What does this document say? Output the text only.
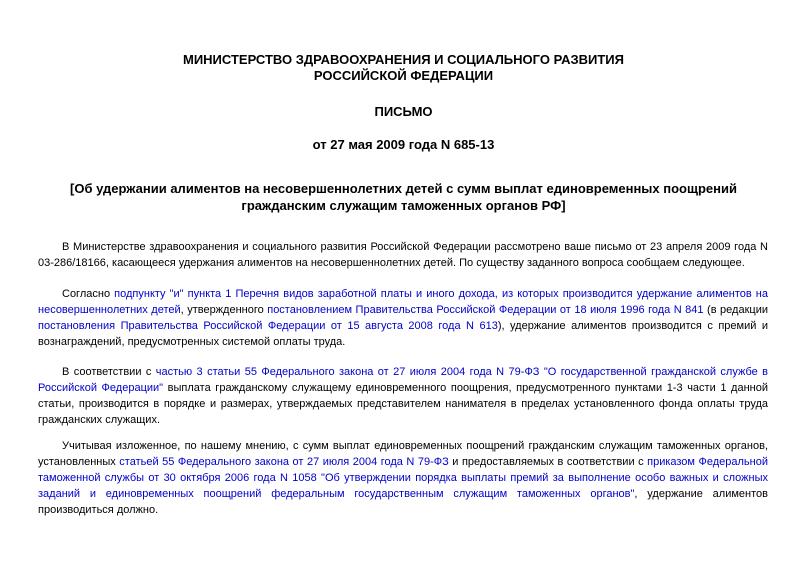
МИНИСТЕРСТВО ЗДРАВООХРАНЕНИЯ И СОЦИАЛЬНОГО РАЗВИТИЯ

РОССИЙСКОЙ ФЕДЕРАЦИИ

ПИСЬМО

от 27 мая 2009 года N 685-13

[Об удержании алиментов на несовершеннолетних детей с сумм выплат единовременных поощрений гражданским служащим таможенных органов РФ]

В Министерстве здравоохранения и социального развития Российской Федерации рассмотрено ваше письмо от 23 апреля 2009 года N 03-286/18166, касающееся удержания алиментов на несовершеннолетних детей. По существу заданного вопроса сообщаем следующее.

Согласно подпункту "и" пункта 1 Перечня видов заработной платы и иного дохода, из которых производится удержание алиментов на несовершеннолетних детей, утвержденного постановлением Правительства Российской Федерации от 18 июля 1996 года N 841 (в редакции постановления Правительства Российской Федерации от 15 августа 2008 года N 613), удержание алиментов производится с премий и вознаграждений, предусмотренных системой оплаты труда.

В соответствии с частью 3 статьи 55 Федерального закона от 27 июля 2004 года N 79-ФЗ "О государственной гражданской службе в Российской Федерации" выплата гражданскому служащему единовременного поощрения, предусмотренного пунктами 1-3 части 1 данной статьи, производится в порядке и размерах, утверждаемых представителем нанимателя в пределах установленного фонда оплаты труда гражданских служащих.

Учитывая изложенное, по нашему мнению, с сумм выплат единовременных поощрений гражданским служащим таможенных органов, установленных статьей 55 Федерального закона от 27 июля 2004 года N 79-ФЗ и предоставляемых в соответствии с приказом Федеральной таможенной службы от 30 октября 2006 года N 1058 "Об утверждении порядка выплаты премий за выполнение особо важных и сложных заданий и единовременных поощрений федеральным государственным служащим таможенных органов", удержание алиментов производиться должно.
